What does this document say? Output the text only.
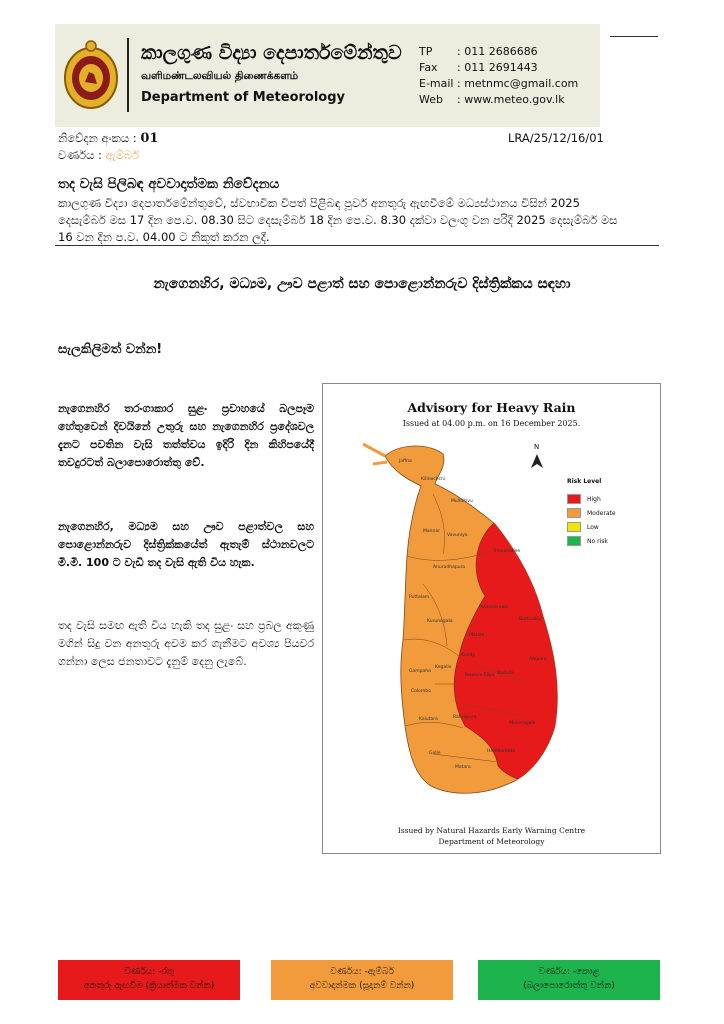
කාලගුණ විද්‍යා දෙපාර්තමේන්තුව
வளிமண்டலவியல் திணைக்களம்
Department of Meteorology
TP	: 011 2686686
Fax	: 011 2691443
E-mail : metnmc@gmail.com
Web	: www.meteo.gov.lk
නිවේදන අංකය : 01	LRA/25/12/16/01
වර්ණය : ඇම්බර්
තද වැසි පිලිබඳ අවවාදාත්මක නිවේදනය
කාලගුණ විද්‍යා දෙපාර්තමේන්තුවේ, ස්වභාවික විපත් පිළිබඳ පූර්ව අනතුරු ඇඟවීමේ මධ්‍යස්ථානය විසින් 2025 දෙසැම්බර් මස 17 දින පෙ.ව. 08.30 සිට දෙසැම්බර් 18 දින පෙ.ව. 8.30 දක්වා වලංගු වන පරිදි 2025 දෙසැම්බර් මස 16 වන දින ප.ව. 04.00 ට නිකුත් කරන ලදී.
නැගෙනහිර, මධ්‍යම, ඌව පළාත් සහ පොළොන්නරුව දිස්ත්‍රික්කය සඳහා
සැලකිලිමත් වන්න!
නැගෙනහිර තරංගාකාර සුළං ප්‍රවාහයේ බලපෑම හේතුවෙන් දිවයිනේ උතුරු සහ නැගෙනහිර ප්‍රදේශවල දැනට පවතින වැසි තත්ත්වය ඉදිරි දින කිහිපයේදී තවදුරටත් බලාපොරොත්තු වේ.
නැගෙනහිර, මධ්‍යම සහ ඌව පළාත්වල සහ පොළොන්නරුව දිස්ත්‍රික්කයේත් ඇතැම් ස්ථානවලට මි.මී. 100 ට වැඩි තද වැසි ඇති විය හැක.
තද වැසි සමඟ ඇති විය හැකි තද සුළං සහ ප්‍රබල අකුණු මගින් සිදු වන අනතුරු අවම කර ගැනීමට අවශ්‍ය පියවර ගන්නා ලෙස ජනතාවට දැනුම් දෙනු ලැබේ.
Advisory for Heavy Rain
Issued at 04.00 p.m. on 16 December 2025.
Jaffna
Kilinochchi
Mullaitivu
Mannar
Vavuniya
Trincomalee
Anuradhapura
Puttalam
Kurunegala
Polonnaruwa
Batticaloa
Matale
Kandy
Ampara
Kegalle
Nuwara Eliya Badulla
Gampaha
Colombo
Kalutara	Ratnapura
Moneragala
Galle
Matara
Hambantota
N
Risk Level
High
Moderate
Low
No risk
Issued by Natural Hazards Early Warning Centre
Department of Meteorology
වර්ණය: -රතු
අනතුරු ඇඟවීම (ක්‍රියාත්මක වන්න)
වර්ණය: -ඇම්බර්
අවවාදාත්මක (සූදානම් වන්න)
වර්ණය: -කොළ
(බලාපොරොත්තු වන්න)
